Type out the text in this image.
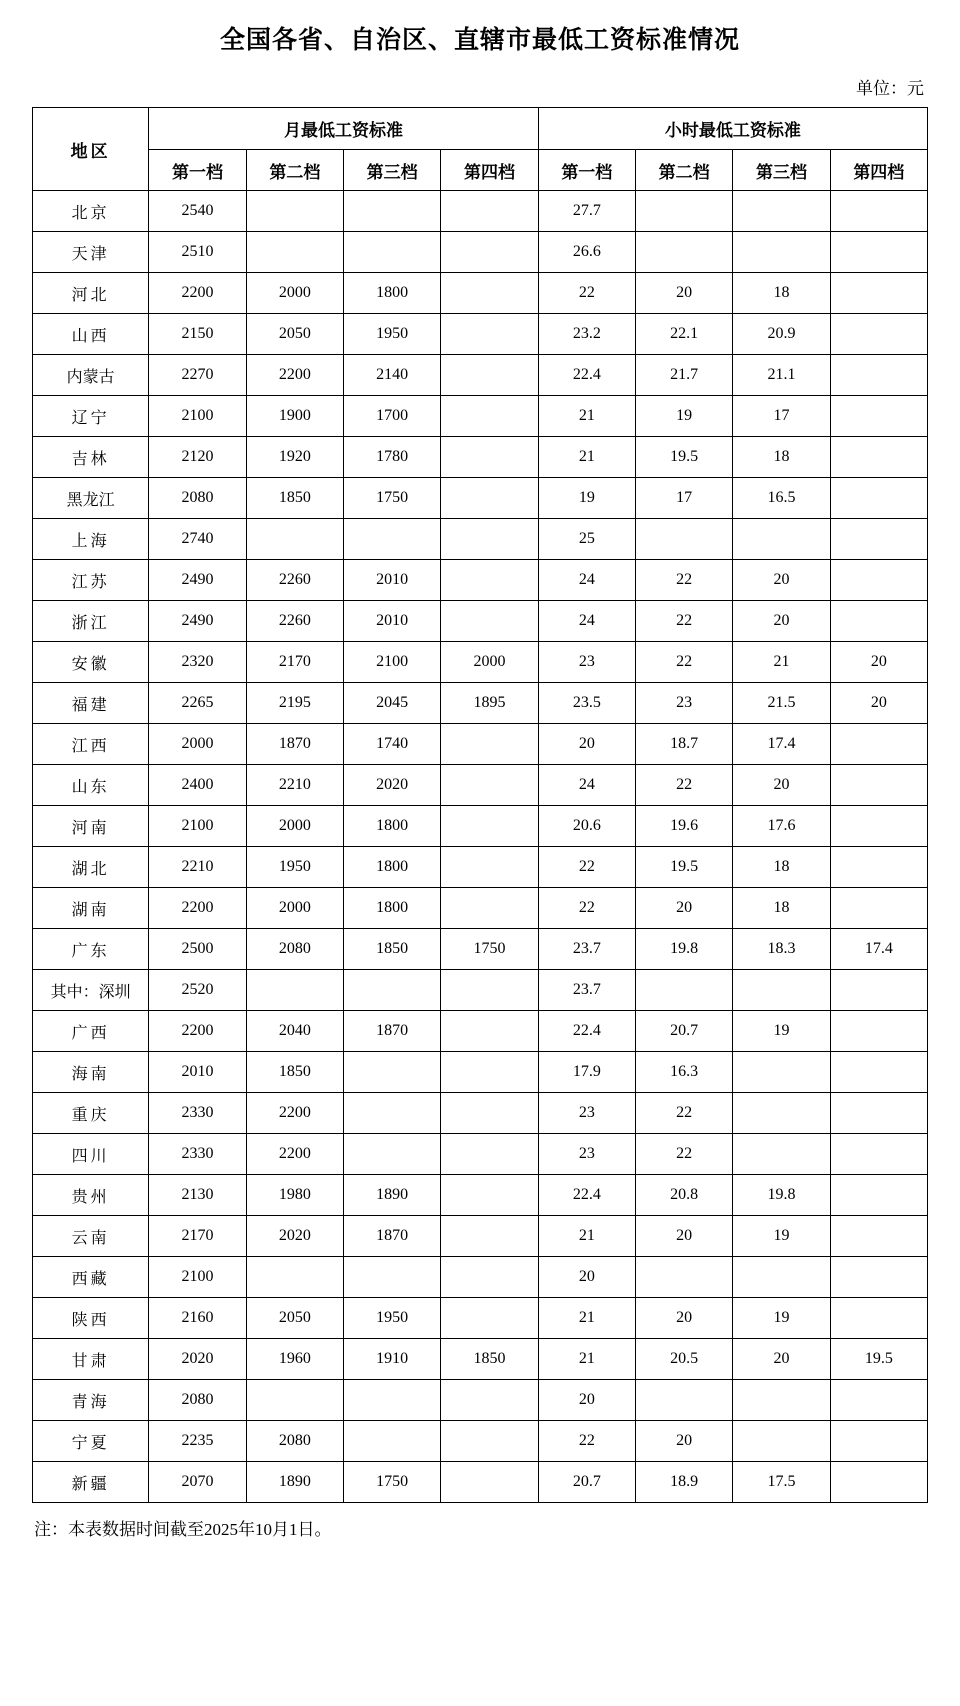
全国各省、自治区、直辖市最低工资标准情况
单位：元
地区	月最低工资标准				小时最低工资标准			
	第一档	第二档	第三档	第四档	第一档	第二档	第三档	第四档
北京	2540				27.7			
天津	2510				26.6			
河北	2200	2000	1800		22	20	18	
山西	2150	2050	1950		23.2	22.1	20.9	
内蒙古	2270	2200	2140		22.4	21.7	21.1	
辽宁	2100	1900	1700		21	19	17	
吉林	2120	1920	1780		21	19.5	18	
黑龙江	2080	1850	1750		19	17	16.5	
上海	2740				25			
江苏	2490	2260	2010		24	22	20	
浙江	2490	2260	2010		24	22	20	
安徽	2320	2170	2100	2000	23	22	21	20
福建	2265	2195	2045	1895	23.5	23	21.5	20
江西	2000	1870	1740		20	18.7	17.4	
山东	2400	2210	2020		24	22	20	
河南	2100	2000	1800		20.6	19.6	17.6	
湖北	2210	1950	1800		22	19.5	18	
湖南	2200	2000	1800		22	20	18	
广东	2500	2080	1850	1750	23.7	19.8	18.3	17.4
其中：深圳	2520				23.7			
广西	2200	2040	1870		22.4	20.7	19	
海南	2010	1850			17.9	16.3		
重庆	2330	2200			23	22		
四川	2330	2200			23	22		
贵州	2130	1980	1890		22.4	20.8	19.8	
云南	2170	2020	1870		21	20	19	
西藏	2100				20			
陕西	2160	2050	1950		21	20	19	
甘肃	2020	1960	1910	1850	21	20.5	20	19.5
青海	2080				20			
宁夏	2235	2080			22	20		
新疆	2070	1890	1750		20.7	18.9	17.5	
注：本表数据时间截至2025年10月1日。
